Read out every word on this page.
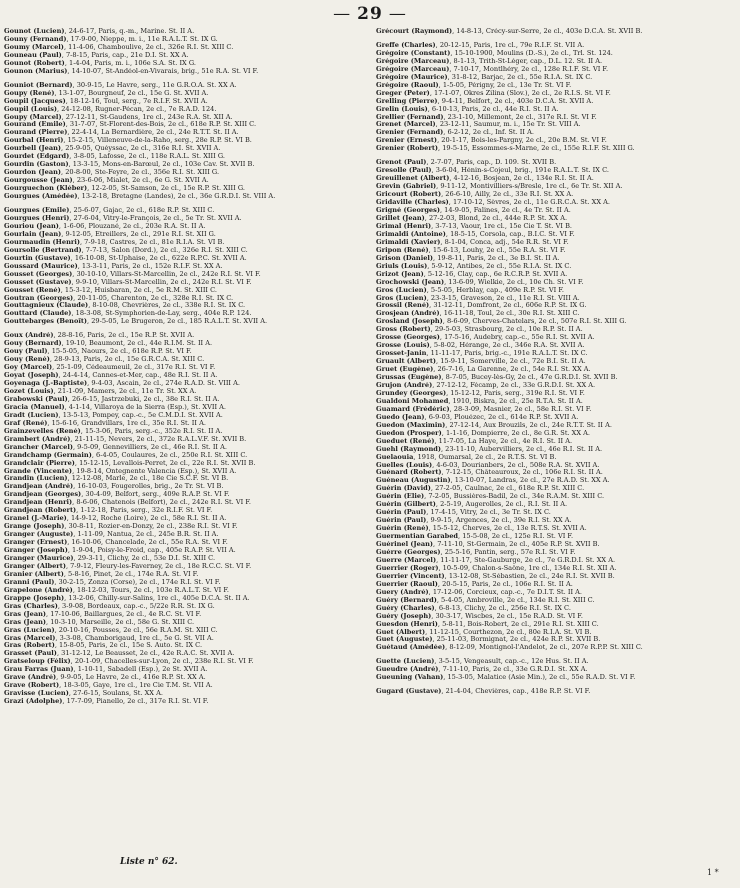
— 29 —
Gounot (Lucien), 24-6-17, Paris, q.-m., Marine. St. II A.
Gouny (Fernand), 17-9-00, Nieppe, m. i., 11e R.A.L.T. St. IX G.
Goumy (Marcel), 11-4-06, Chamboulive, 2e cl., 326e R.I. St. XIII C.
Gouneau (Paul), 7-8-15, Paris, cap., 21e D.I. St. XX A.
Gounot (Robert), 1-4-04, Paris, m. i., 106e S.A. St. IX G.
Gounon (Marius), 14-10-07, St-Andéol-en-Vivarais, brig., 51e R.A. St. VI F.
Gouniot (Bernard), 30-9-15, Le Havre, serg., 11e G.R.O.A. St. XX A.
Goupy (René), 13-1-07, Bourgneuf, 2e cl., 15e G. St. XVII A.
Goupil (Jacques), 18-12-16, Toul, serg., 7e R.I.F. St. XVII A.
Goupil (Louis), 24-12-08, Rugner-Pécan, 2e cl., 7e R.A.D. 124.
Goupy (Marcel), 27-12-11, St-Gaudens, 1re cl., 243e R.A. St. XII A.
Gourand (Émile), 31-7-07, St-Florent-des-Bois, 2e cl., 618e R.P. St. XIII C.
Gourand (Pierre), 22-4-14, La Bernardière, 2e cl., 24e R.T.T. St. II A.
Gourbal (Henri), 15-2-15, Villeneuve-de-la-Raho, serg., 28e R.P. St. VI B.
Gourbell (Jean), 25-9-05, Quéyssac, 2e cl., 316e R.I. St. XVII A.
Gourdet (Edgard), 3-8-05, Lafosse, 2e cl., 118e R.A.L. St. XIII G.
Gourdin (Gaston), 13-3-15, Mons-en-Barœul, 2e cl., 103e Cav. St. XVII B.
Gourdon (Jean), 20-8-00, Ste-Feyre, 2e cl., 356e R.I. St. XIII G.
Gourgousse (Jean), 23-6-06, Mialet, 2e cl., 6e G. St. XVII A.
Gourguechon (Kléber), 12-2-05, St-Samson, 2e cl., 15e R.P. St. XIII G.
Gourgues (Amédée), 13-2-18, Bretagne (Landes), 2e cl., 36e G.R.D.I. St. VIII A.
Gourgues (Émile), 25-6-07, Gajac, 2e cl., 618e R.P. St. XIII C.
Gourgues (Henri), 27-6-04, Vitry-le-François, 2e cl., 5e Tr. St. XVII A.
Gouriou (Jean), 1-6-06, Plouzané, 2e cl., 203e R.A. St. II A.
Gourlain (Jean), 9-12-05, Etreillers, 2e cl., 291e R.I. St. XII G.
Gourmaudin (Henri), 7-9-18, Castres, 2e cl., 81e R.I.A. St. VI B.
Goursolle (Bertrand), 7-7-13, Salon (Dord.), 2e cl., 326e R.I. St. XIII C.
Gourtin (Gustave), 16-10-08, St-Uphaise, 2e cl., 622e R.P.C. St. XVII A.
Goussard (Maurice), 13-3-11, Paris, 2e cl., 152e R.I.F. St. XX A.
Gousset (Georges), 30-10-10, Villars-St-Marcellin, 2e cl., 242e R.I. St. VI F.
Gousset (Gustave), 9-9-10, Villars-St-Marcellin, 2e cl., 242e R.I. St. VI F.
Gousset (René), 15-3-12, Huisbaran, 2e cl., 5e R.M. St. XIII C.
Goutran (Georges), 20-11-05, Charenton, 2e cl., 328e R.I. St. IX C.
Gouttagnieux (Claude), 8-10-08, Chevrières, 2e cl., 338e R.I. St. IX C.
Gouttard (Claude), 18-3-08, St-Symphorien-de-Lay, serg., 404e R.P. 124.
Gouttebarges (Benoît), 29-5-05, Le Brugeron, 2e cl., 185 R.A.L.T. St. XVII A.
Goux (André), 28-8-16, Paris, 2e cl., 15e R.P. St. XVII A.
Gouy (Bernard), 19-10, Beaumont, 2e cl., 44e R.I.M. St. II A.
Gouy (Paul), 15-5-05, Naours, 2e cl., 618e R.P. St. VI F.
Gouy (René), 28-9-13, Paris, 2e cl., 15e G.R.C.A. St. XIII C.
Goy (Marcel), 25-1-09, Cédeaumeuil, 2e cl., 317e R.I. St. VI F.
Goyat (Joseph), 24-4-14, Cannes-et-Mer, cap., 48e R.I. St. II A.
Goyenaga (J.-Baptiste), 9-4-03, Ascain, 2e cl., 274e R.A.D. St. VIII A.
Gozet (Louis), 21-1-09, Mamers, 2e cl., 11e Tr. St. XX A.
Grabowski (Paul), 26-6-15, Jastrzebuki, 2e cl., 38e R.I. St. II A.
Gracia (Manuel), 4-1-14, Villaroya de la Sierra (Esp.), St. XVII A.
Gradt (Lucien), 13-5-13, Pompey, cap.-c., 5e C.M.D.I. St. XVII A.
Graf (René), 15-6-16, Grandvillars, 1re cl., 35e R.I. St. II A.
Grainzevelles (René), 15-3-06, Paris, serg.-c., 352e R.I. St. II A.
Grambert (André), 21-11-15, Nevers, 2e cl., 372e R.A.L.V.F. St. XVII B.
Grancher (Marcel), 9-5-09, Gennevilliers, 2e cl., 46e R.I. St. II A.
Grandchamp (Germain), 6-4-05, Coulaures, 2e cl., 250e R.I. St. XIII C.
Grandclair (Pierre), 15-12-15, Levallois-Perret, 2e cl., 22e R.I. St. XVII B.
Grande (Vincente), 19-8-14, Ontegnente Valencia (Esp.), St. XVII A.
Grandin (Lucien), 12-12-08, Marle, 2e cl., 18e Cie S.C.F. St. VI B.
Grandjean (André), 16-10-03, Fougerolles, brig., 2e Tr. St. VI B.
Grandjean (Georges), 30-4-09, Belfort, serg., 409e R.A.P. St. VI F.
Grandjean (Henri), 8-6-06, Chatenois (Belfort), 2e cl., 242e R.I. St. VI F.
Grandjean (Robert), 1-12-18, Paris, serg., 32e R.I.F. St. VI F.
Granel (J.-Marie), 14-9-12, Roche (Loire), 2e cl., 58e R.I. St. II A.
Grange (Joseph), 30-8-11, Rozier-en-Donzy, 2e cl., 238e R.I. St. VI F.
Granger (Auguste), 1-11-09, Nantua, 2e cl., 245e B.R. St. II A.
Granger (Ernest), 16-10-06, Chancelade, 2e cl., 55e R.A. St. VI F.
Granger (Joseph), 1-9-04, Poisy-le-Froid, cap., 405e R.A.P. St. VII A.
Granger (Maurice), 29-3-11, Clichy, 2e cl., 53e D.I. St. XIII C.
Granger (Albert), 7-9-12, Fleury-les-Faverney, 2e cl., 18e R.C.C. St. VI F.
Granier (Albert), 5-8-16, Pinet, 2e cl., 174e R.A. St. VI F.
Granni (Paul), 30-2-15, Zonza (Corse), 2e cl., 174e R.I. St. VI F.
Grapelone (André), 18-12-03, Tours, 2e cl., 103e R.A.L.T. St. VI F.
Grappe (Joseph), 13-2-06, Chilly-sur-Salins, 1re cl., 405e D.C.A. St. II A.
Gras (Charles), 3-9-08, Bordeaux, cap.-c., 5/22e R.R. St. IX G.
Gras (Jean), 17-10-06, Baillargues, 2e cl., 4e R.C. St. VI F.
Gras (Jean), 10-3-10, Marseille, 2e cl., 58e G. St. XIII C.
Gras (Lucien), 20-10-16, Pousses, 2e cl., 56e R.A.M. St. XIII C.
Gras (Marcel), 3-3-08, Chamborigaud, 1re cl., 5e G. St. VII A.
Gras (Robert), 15-8-05, Paris, 2e cl., 15e S. Auto. St. IX C.
Grasset (Paul), 31-12-12, Le Beausset, 2e cl., 42e R.A.C. St. XVII A.
Gratseloup (Félix), 20-1-09, Chacelles-sur-Lyon, 2e cl., 238e R.I. St. VI F.
Grau Farras (Juan), 1-10-11, Sabadell (Esp.), 2e St. XVII A.
Grave (André), 9-9-05, Le Havre, 2e cl., 416e R.P. St. XX A.
Grave (Robert), 18-3-05, Gaye, 1re cl., 1re Cie T.M. St. VII A.
Gravisse (Lucien), 27-6-15, Soulans, St. XX A.
Grazi (Adolphe), 17-7-09, Pianello, 2e cl., 317e R.I. St. VI F.
Grécourt (Raymond), 14-8-13, Crécy-sur-Serre, 2e cl., 403e D.C.A. St. XVII B.
Greffe (Charles), 20-12-15, Paris, 1re cl., 79e R.I.F. St. VII A.
Grégoire (Constant), 15-10-1900, Moulins (D.-S.), 2e cl., Trl. St. 124.
Grégoire (Marceau), 8-1-13, Trith-St-Léger, cap., D.L. 12. St. II A.
Grégoire (Marceau), 7-10-17, Montlhéry, 2e cl., 128e R.I.F. St. VI F.
Grégoire (Maurice), 31-8-12, Barjac, 2e cl., 55e R.I.A. St. IX C.
Grégoire (Raoul), 1-5-05, Périgny, 2e cl., 13e Tr. St. VI F.
Greger (Peter), 17-1-07, Okres Zilina (Slov.), 2e cl., 2e R.I.S. St. VI F.
Grelling (Pierre), 9-4-11, Belfort, 2e cl., 403e D.C.A. St. XVII A.
Grelin (Louis), 6-10-13, Paris, 2e cl., 44e R.I. St. II A.
Grellier (Fernand), 23-1-10, Millemont, 2e cl., 317e R.I. St. VI F.
Grenet (Marcel), 23-12-11, Saumur, m. i., 15e Tr. St. VIII A.
Grenier (Fernand), 6-2-12, 2e cl., Inf. St. II A.
Grenier (Ernest), 20-1-17, Bois-les-Pargny, 2e cl., 20e B.M. St. VI F.
Grenier (Robert), 19-5-15, Essommes-s-Marne, 2e cl., 155e R.I.F. St. XIII G.
Grenot (Paul), 2-7-07, Paris, cap., D. 109. St. XVII B.
Gresolle (Paul), 3-6-04, Hénin-s-Cojeul, brig., 191e R.A.L.T. St. IX C.
Greuillenet (Albert), 4-12-16, Bosjean, 2e cl., 134e R.I. St. II A.
Grevin (Gabriel), 9-11-12, Montivilliers-s/Bresle, 1re cl., 6e Tr. St. XII A.
Gricourt (Robert), 26-6-10, Ailly, 2e cl., 33e R.I. St. XX A.
Gridaville (Charles), 17-10-12, Sèvres, 2e cl., 11e G.R.C.A. St. XX A.
Grigné (Georges), 14-9-05, Falines, 2e cl., 4e Tr. St. II A.
Grillet (Jean), 27-2-03, Blond, 2e cl., 444e R.P. St. XX A.
Grimal (Henri), 3-7-13, Vaour, 1re cl., 15e Cie T. St. VI B.
Grimaldi (Antoine), 18-5-15, Corsola, cap., B.I.C. St. VI F.
Grimaldi (Xavier), 8-1-04, Conca, adj., 54e R.R. St. VI F.
Gripon (René), 15-6-13, Louhy, 2e cl., 55e R.A. St. VI F.
Grison (Daniel), 19-8-11, Paris, 2e cl., 3e B.I. St. II A.
Griuls (Louis), 5-9-12, Antibes, 2e cl., 55e R.I.A. St. IX C.
Grizot (Jean), 5-12-16, Clay, cap., 6e R.C.R.P. St. XVII A.
Grochowski (Jean), 13-6-09, Wielkie, 2e cl., 10e Ch. St. VI F.
Gros (Lucien), 5-5-05, Herblay, cap., 409e R.P. St. VI F.
Gros (Lucien), 23-3-15, Graveson, 2e cl., 11e R.I. St. VIII A.
Grossil (René), 31-12-11, Domfront, 2e cl., 606e R.P. St. IX G.
Grosjean (André), 16-11-18, Toul, 2e cl., 30e R.I. St. XIII C.
Grosland (Joseph), 8-6-09, Cherves-Chatelars, 2e cl., 507e R.I. St. XIII G.
Gross (Robert), 29-5-03, Strasbourg, 2e cl., 10e R.P. St. II A.
Grosse (Georges), 17-5-16, Audebry, cap.-c., 55e R.I. St. XVII A.
Grosse (Louis), 5-8-02, Hérange, 2e cl., 346e R.A. St. XVII A.
Grosset-Janin, 11-11-17, Paris, brig.-c., 191e R.A.L.T. St. IX C.
Gruault (Albert), 15-9-11, Somerville, 2e cl., 72e B.I. St. II A.
Gruet (Eugène), 26-7-16, La Garenne, 2e cl., 54e R.I. St. XX A.
Grussas (Eugène), 8-7-05, Bucey-lès-Gy, 2e cl., 47e G.R.D.I. St. XVII B.
Grujon (André), 27-12-12, Fécamp, 2e cl., 33e G.R.D.I. St. XX A.
Grundey (Georges), 15-12-12, Paris, serg., 319e R.I. St. VI F.
Gualdoni Mohamed, 1910, Biskra, 2e cl., 25e R.T.A. St. II A.
Guamard (Frédéric), 28-3-09, Masnier, 2e cl., 58e R.I. St. VI F.
Guedo (Jean), 6-9-03, Plouézec, 2e cl., 614e R.P. St. XVII A.
Guedon (Maximin), 27-12-14, Aux Brouzils, 2e cl., 24e R.T.T. St. II A.
Guedon (Prosper), 1-1-16, Dompierre, 2e cl., 8e G.R. St. XX A.
Gueduet (René), 11-7-05, La Haye, 2e cl., 4e R.I. St. II A.
Guehl (Raymond), 23-11-10, Aubervilliers, 2e cl., 46e R.I. St. II A.
Guelaouia, 1918, Oumarsal, 2e cl., 2e R.T.S. St. VI B.
Guelles (Louis), 4-6-03, Dourianbers, 2e cl., 508e R.A. St. XVII A.
Guénard (Robert), 7-12-15, Châteauroux, 2e cl., 106e R.I. St. II A.
Guéneau (Augustin), 13-10-07, Landras, 2e cl., 27e R.A.D. St. XX A.
Guérin (David), 27-2-05, Caulnac, 2e cl., 618e R.P. St. XIII C.
Guérin (Élie), 7-2-05, Bussières-Badil, 2e cl., 34e R.A.M. St. XIII C.
Guérin (Gilbert), 2-5-19, Augerolles, 2e cl., R.I. St. II A.
Guérin (Paul), 17-4-15, Vitry, 2e cl., 3e Tr. St. IX C.
Guérin (Paul), 9-9-15, Argences, 2e cl., 39e R.I. St. XX A.
Guérin (René), 15-5-12, Cherves, 2e cl., 13e R.T.S. St. XVII A.
Guermentian Garabed, 15-5-08, 2e cl., 125e R.I. St. VI F.
Guérinel (Jean), 7-11-10, St-Germain, 2e cl., 405e R.P. St. XVII B.
Guérre (Georges), 25-5-16, Pantin, serg., 57e R.I. St. VI F.
Guerre (Marcel), 11-11-17, Ste-Gauburge, 2e cl., 7e G.R.D.I. St. XX A.
Guerrier (Roger), 10-5-09, Chalon-s-Saône, 1re cl., 134e R.I. St. XII A.
Guerrier (Vincent), 13-12-08, St-Sébastien, 2e cl., 24e R.I. St. XVII B.
Guerrier (Raoul), 20-5-15, Paris, 2e cl., 106e R.I. St. II A.
Guery (André), 17-12-06, Corcieux, cap.-c., 7e D.I.T. St. II A.
Guéry (Bernard), 5-4-05, Ambroville, 2e cl., 134e R.I. St. XIII C.
Guéry (Charles), 6-8-13, Clichy, 2e cl., 256e R.I. St. IX C.
Guéry (Joseph), 30-3-17, Wiscbes, 2e cl., 15e R.A.D. St. VI F.
Guesdon (Henri), 5-8-11, Bois-Robert, 2e cl., 291e R.I. St. XIII C.
Guet (Albert), 11-12-15, Courthezon, 2e cl., 80e R.I.A. St. VI B.
Guet (Auguste), 25-11-03, Bormignat, 2e cl., 424e R.P. St. XVII B.
Guétaud (Amédée), 8-12-09, Montignol-l'Andelot, 2e cl., 207e R.P.P. St. XIII C.
Guette (Lucien), 3-5-15, Vengeasult, cap.-c., 12e Hus. St. II A.
Gueudre (André), 7-11-10, Paris, 2e cl., 33e G.R.D.I. St. XX A.
Gueuning (Vahan), 15-3-05, Malatice (Asie Min.), 2e cl., 55e R.A.D. St. VI F.
Gugard (Gustave), 21-4-04, Chevières, cap., 418e R.P. St. VI F.
Liste n° 62.
1 *
